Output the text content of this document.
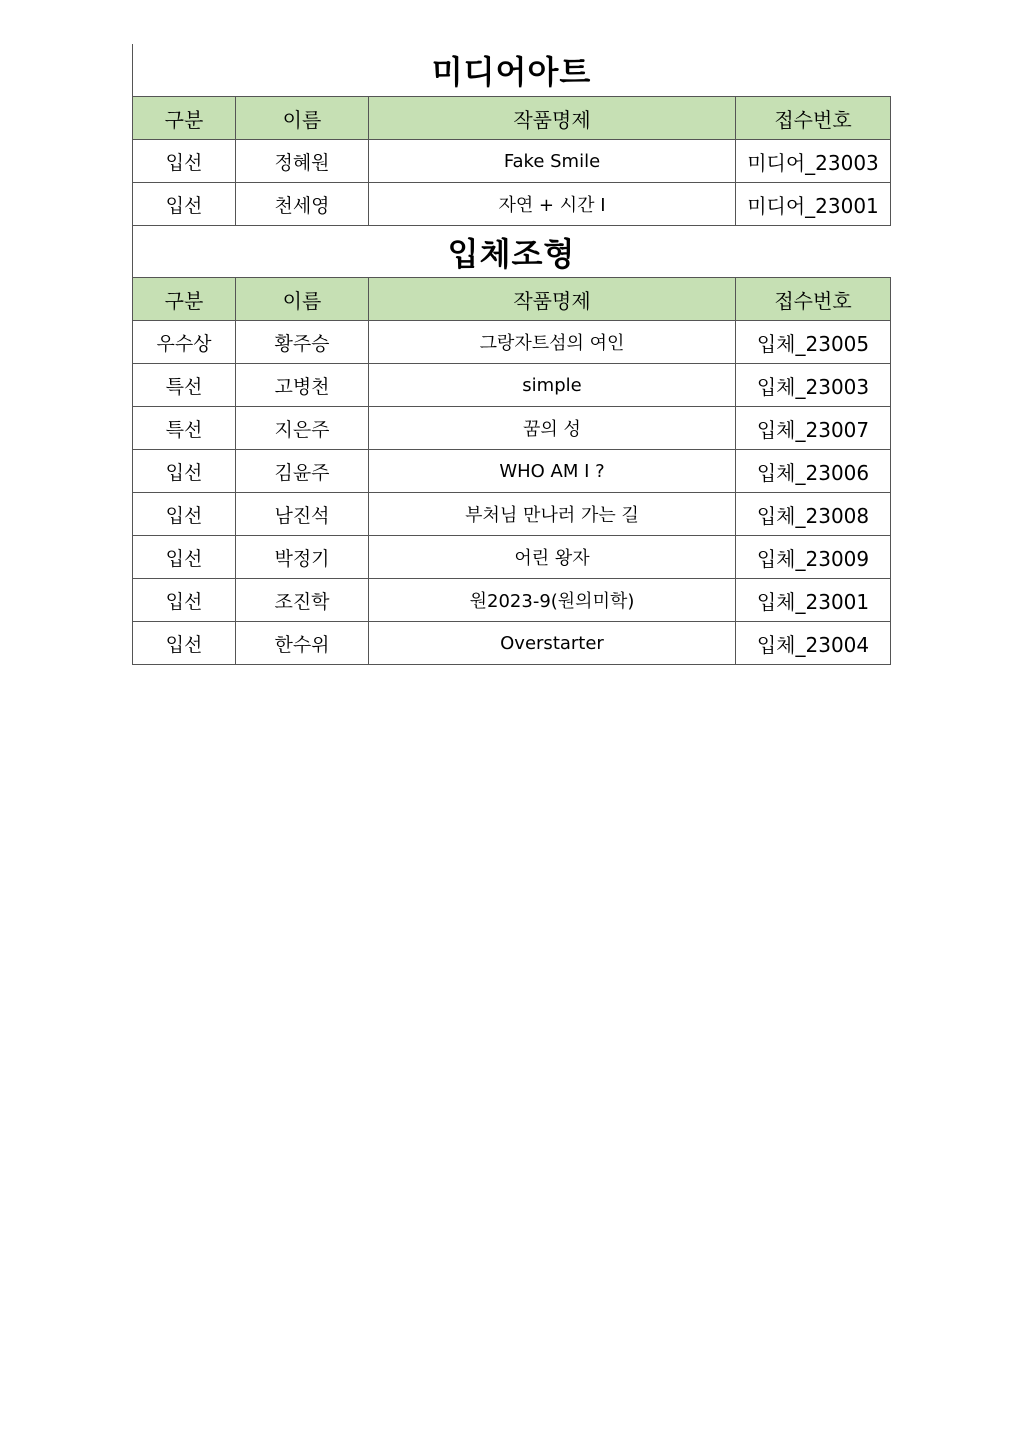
미디어아트
구분	이름	작품명제	접수번호
입선	정혜원	Fake Smile	미디어_23003
입선	천세영	자연 + 시간 Ⅰ	미디어_23001
입체조형
구분	이름	작품명제	접수번호
우수상	황주승	그랑자트섬의 여인	입체_23005
특선	고병천	simple	입체_23003
특선	지은주	꿈의 성	입체_23007
입선	김윤주	WHO AM I ?	입체_23006
입선	남진석	부처님 만나러 가는 길	입체_23008
입선	박정기	어린 왕자	입체_23009
입선	조진학	원2023-9(원의미학)	입체_23001
입선	한수위	Overstarter	입체_23004
